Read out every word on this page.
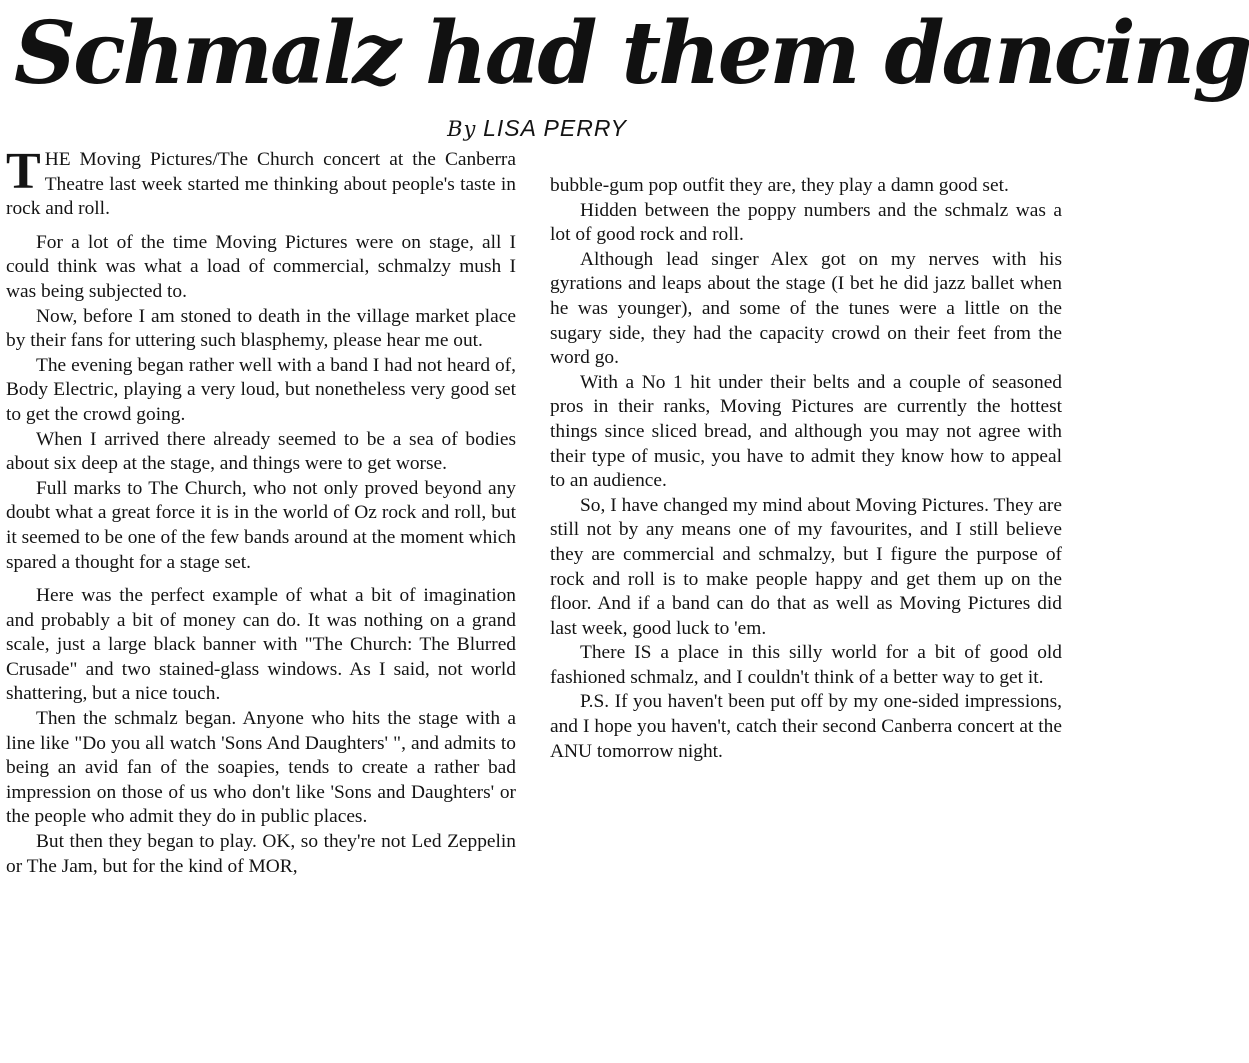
Schmalz had them dancing
By LISA PERRY

THE Moving Pictures/The Church concert at the Canberra Theatre last week started me thinking about people's taste in rock and roll.

For a lot of the time Moving Pictures were on stage, all I could think was what a load of commercial, schmalzy mush I was being subjected to.

Now, before I am stoned to death in the village market place by their fans for uttering such blasphemy, please hear me out.

The evening began rather well with a band I had not heard of, Body Electric, playing a very loud, but nonetheless very good set to get the crowd going.

When I arrived there already seemed to be a sea of bodies about six deep at the stage, and things were to get worse.

Full marks to The Church, who not only proved beyond any doubt what a great force it is in the world of Oz rock and roll, but it seemed to be one of the few bands around at the moment which spared a thought for a stage set.

Here was the perfect example of what a bit of imagination and probably a bit of money can do. It was nothing on a grand scale, just a large black banner with "The Church: The Blurred Crusade" and two stained-glass windows. As I said, not world shattering, but a nice touch.

Then the schmalz began. Anyone who hits the stage with a line like "Do you all watch 'Sons And Daughters' ", and admits to being an avid fan of the soapies, tends to create a rather bad impression on those of us who don't like 'Sons and Daughters' or the people who admit they do in public places.

But then they began to play. OK, so they're not Led Zeppelin or The Jam, but for the kind of MOR,

bubble-gum pop outfit they are, they play a damn good set.

Hidden between the poppy numbers and the schmalz was a lot of good rock and roll.

Although lead singer Alex got on my nerves with his gyrations and leaps about the stage (I bet he did jazz ballet when he was younger), and some of the tunes were a little on the sugary side, they had the capacity crowd on their feet from the word go.

With a No 1 hit under their belts and a couple of seasoned pros in their ranks, Moving Pictures are currently the hottest things since sliced bread, and although you may not agree with their type of music, you have to admit they know how to appeal to an audience.

So, I have changed my mind about Moving Pictures. They are still not by any means one of my favourites, and I still believe they are commercial and schmalzy, but I figure the purpose of rock and roll is to make people happy and get them up on the floor. And if a band can do that as well as Moving Pictures did last week, good luck to 'em.

There IS a place in this silly world for a bit of good old fashioned schmalz, and I couldn't think of a better way to get it.

P.S. If you haven't been put off by my one-sided impressions, and I hope you haven't, catch their second Canberra concert at the ANU tomorrow night.
